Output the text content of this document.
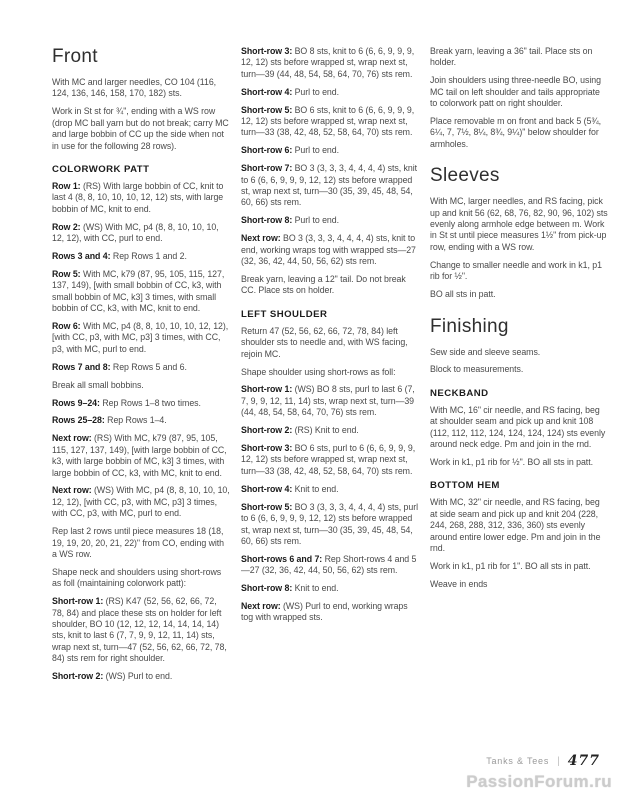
Front

With MC and larger needles, CO 104 (116, 124, 136, 146, 158, 170, 182) sts.

Work in St st for ¾", ending with a WS row (drop MC ball yarn but do not break; carry MC and large bobbin of CC up the side when not in use for the following 28 rows).

COLORWORK PATT

Row 1: (RS) With large bobbin of CC, knit to last 4 (8, 8, 10, 10, 10, 12, 12) sts, with large bobbin of MC, knit to end.

Row 2: (WS) With MC, p4 (8, 8, 10, 10, 10, 12, 12), with CC, purl to end.

Rows 3 and 4: Rep Rows 1 and 2.

Row 5: With MC, k79 (87, 95, 105, 115, 127, 137, 149), [with small bobbin of CC, k3, with small bobbin of MC, k3] 3 times, with small bobbin of CC, k3, with MC, knit to end.

Row 6: With MC, p4 (8, 8, 10, 10, 10, 12, 12), [with CC, p3, with MC, p3] 3 times, with CC, p3, with MC, purl to end.

Rows 7 and 8: Rep Rows 5 and 6.

Break all small bobbins.

Rows 9–24: Rep Rows 1–8 two times.

Rows 25–28: Rep Rows 1–4.

Next row: (RS) With MC, k79 (87, 95, 105, 115, 127, 137, 149), [with large bobbin of CC, k3, with large bobbin of MC, k3] 3 times, with large bobbin of CC, k3, with MC, knit to end.

Next row: (WS) With MC, p4 (8, 8, 10, 10, 10, 12, 12), [with CC, p3, with MC, p3] 3 times, with CC, p3, with MC, purl to end.

Rep last 2 rows until piece measures 18 (18, 19, 19, 20, 20, 21, 22)" from CO, ending with a WS row.

Shape neck and shoulders using short-rows as foll (maintaining colorwork patt):

Short-row 1: (RS) K47 (52, 56, 62, 66, 72, 78, 84) and place these sts on holder for left shoulder, BO 10 (12, 12, 12, 14, 14, 14, 14) sts, knit to last 6 (7, 7, 9, 9, 12, 11, 14) sts, wrap next st, turn—47 (52, 56, 62, 66, 72, 78, 84) sts rem for right shoulder.

Short-row 2: (WS) Purl to end.

Short-row 3: BO 8 sts, knit to 6 (6, 6, 9, 9, 9, 12, 12) sts before wrapped st, wrap next st, turn—39 (44, 48, 54, 58, 64, 70, 76) sts rem.

Short-row 4: Purl to end.

Short-row 5: BO 6 sts, knit to 6 (6, 6, 9, 9, 9, 12, 12) sts before wrapped st, wrap next st, turn—33 (38, 42, 48, 52, 58, 64, 70) sts rem.

Short-row 6: Purl to end.

Short-row 7: BO 3 (3, 3, 3, 4, 4, 4, 4) sts, knit to 6 (6, 6, 9, 9, 9, 12, 12) sts before wrapped st, wrap next st, turn—30 (35, 39, 45, 48, 54, 60, 66) sts rem.

Short-row 8: Purl to end.

Next row: BO 3 (3, 3, 3, 4, 4, 4, 4) sts, knit to end, working wraps tog with wrapped sts—27 (32, 36, 42, 44, 50, 56, 62) sts rem.

Break yarn, leaving a 12" tail. Do not break CC. Place sts on holder.

LEFT SHOULDER

Return 47 (52, 56, 62, 66, 72, 78, 84) left shoulder sts to needle and, with WS facing, rejoin MC.

Shape shoulder using short-rows as foll:

Short-row 1: (WS) BO 8 sts, purl to last 6 (7, 7, 9, 9, 12, 11, 14) sts, wrap next st, turn—39 (44, 48, 54, 58, 64, 70, 76) sts rem.

Short-row 2: (RS) Knit to end.

Short-row 3: BO 6 sts, purl to 6 (6, 6, 9, 9, 9, 12, 12) sts before wrapped st, wrap next st, turn—33 (38, 42, 48, 52, 58, 64, 70) sts rem.

Short-row 4: Knit to end.

Short-row 5: BO 3 (3, 3, 3, 4, 4, 4, 4) sts, purl to 6 (6, 6, 9, 9, 9, 12, 12) sts before wrapped st, wrap next st, turn—30 (35, 39, 45, 48, 54, 60, 66) sts rem.

Short-rows 6 and 7: Rep Short-rows 4 and 5—27 (32, 36, 42, 44, 50, 56, 62) sts rem.

Short-row 8: Knit to end.

Next row: (WS) Purl to end, working wraps tog with wrapped sts.

Break yarn, leaving a 36" tail. Place sts on holder.

Join shoulders using three-needle BO, using MC tail on left shoulder and tails appropriate to colorwork patt on right shoulder.

Place removable m on front and back 5 (5¾, 6¼, 7, 7½, 8¼, 8¾, 9¼)" below shoulder for armholes.

Sleeves

With MC, larger needles, and RS facing, pick up and knit 56 (62, 68, 76, 82, 90, 96, 102) sts evenly along armhole edge between m. Work in St st until piece measures 1½" from pick-up row, ending with a WS row.

Change to smaller needle and work in k1, p1 rib for ½".

BO all sts in patt.

Finishing

Sew side and sleeve seams.

Block to measurements.

NECKBAND

With MC, 16" cir needle, and RS facing, beg at shoulder seam and pick up and knit 108 (112, 112, 112, 124, 124, 124, 124) sts evenly around neck edge. Pm and join in the rnd.

Work in k1, p1 rib for ½". BO all sts in patt.

BOTTOM HEM

With MC, 32" cir needle, and RS facing, beg at side seam and pick up and knit 204 (228, 244, 268, 288, 312, 336, 360) sts evenly around entire lower edge. Pm and join in the rnd.

Work in k1, p1 rib for 1". BO all sts in patt.

Weave in ends

Tanks & Tees | 477
PassionForum.ru
